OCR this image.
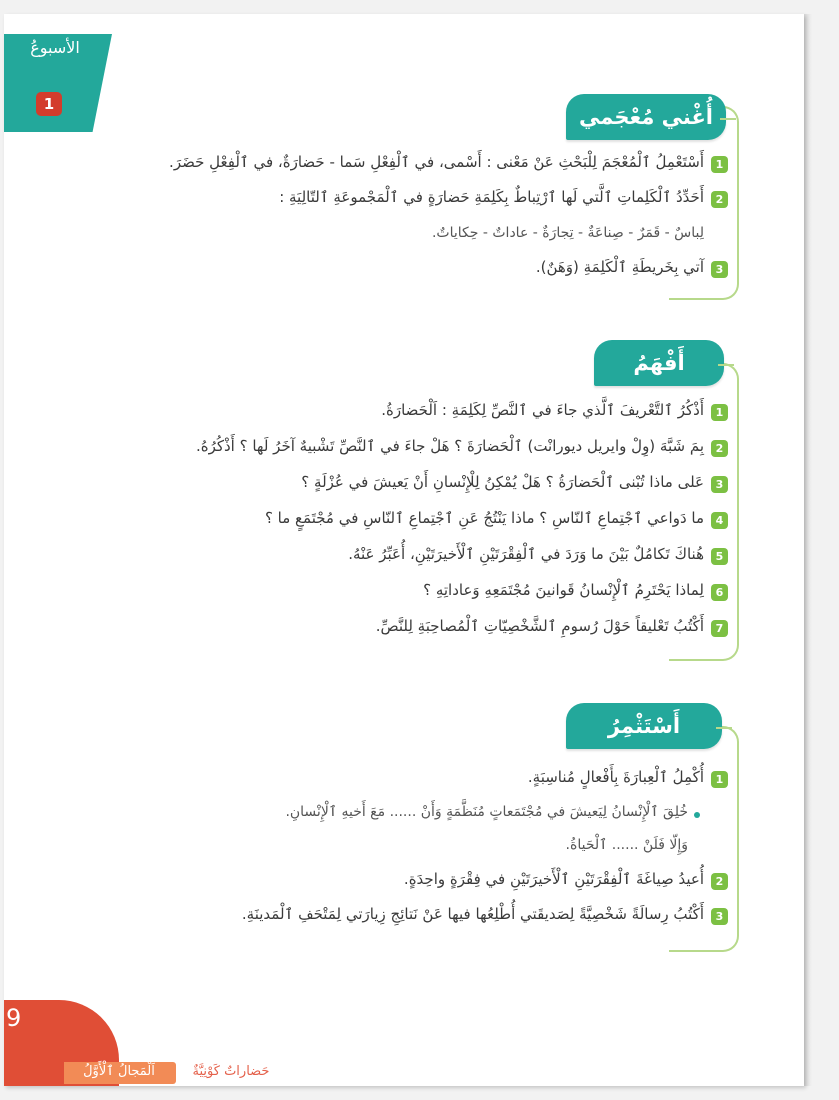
الأسبوعُ
1
أُغْني مُعْجَمي
1
أَسْتَعْمِلُ ٱلْمُعْجَمَ لِلْبَحْثِ عَنْ مَعْنى : أَسْمى، في ٱلْفِعْلِ سَما - حَضارَةٌ، في ٱلْفِعْلِ حَضَرَ.
2
أَحَدِّدُ ٱلْكَلِماتِ ٱلَّتي لَها ٱرْتِباطٌ بِكَلِمَةِ حَضارَةٍ في ٱلْمَجْموعَةِ ٱلتّالِيَةِ :
لِباسٌ - قَمَرٌ - صِناعَةٌ - تِجارَةٌ - عاداتٌ - حِكاياتٌ.
3
آتي بِخَريطَةِ ٱلْكَلِمَةِ (وَهَنٌ).
أَفْهَمُ
1
أَذْكُرُ ٱلتَّعْريفَ ٱلَّذي جاءَ في ٱلنَّصِّ لِكَلِمَةِ : اَلْحَضارَةُ.
2
بِمَ شَبَّهَ (وِلْ وايريل ديورانْت) ٱلْحَضارَةَ ؟ هَلْ جاءَ في ٱلنَّصِّ تَشْبيهٌ آخَرُ لَها ؟ أَذْكُرُهُ.
3
عَلى ماذا تُبْنى ٱلْحَضارَةُ ؟ هَلْ يُمْكِنُ لِلْإِنْسانِ أَنْ يَعيشَ في عُزْلَةٍ ؟
4
ما دَواعي ٱجْتِماعِ ٱلنّاسِ ؟ ماذا يَنْتُجُ عَنِ ٱجْتِماعِ ٱلنّاسِ في مُجْتَمَعٍ ما ؟
5
هُناكَ تَكامُلٌ بَيْنَ ما وَرَدَ في ٱلْفِقْرَتَيْنِ ٱلْأَخيرَتَيْنِ، أُعَبِّرُ عَنْهُ.
6
لِماذا يَحْتَرِمُ ٱلْإِنْسانُ قَوانينَ مُجْتَمَعِهِ وَعاداتِهِ ؟
7
أَكْتُبُ تَعْليقاً حَوْلَ رُسومِ ٱلشَّخْصِيّاتِ ٱلْمُصاحِبَةِ لِلنَّصِّ.
أَسْتَثْمِرُ
1
أُكْمِلُ ٱلْعِبارَةَ بِأَفْعالٍ مُناسِبَةٍ.
خُلِقَ ٱلْإِنْسانُ لِيَعيشَ في مُجْتَمَعاتٍ مُنَظَّمَةٍ وَأَنْ ...... مَعَ أَخيهِ ٱلْإِنْسانِ.
وَإِلّا فَلَنْ ...... ٱلْحَياةُ.
2
أُعيدُ صِياغَةَ ٱلْفِقْرَتَيْنِ ٱلْأَخيرَتَيْنِ في فِقْرَةٍ واحِدَةٍ.
3
أَكْتُبُ رِسالَةً شَخْصِيَّةً لِصَديقَتي أُطْلِعُها فيها عَنْ نَتائِجِ زِيارَتي لِمَتْحَفِ ٱلْمَدينَةِ.
9
اَلْمَجالُ ٱلْأَوَّلُ	حَضاراتٌ كَوْنِيَّةٌ
